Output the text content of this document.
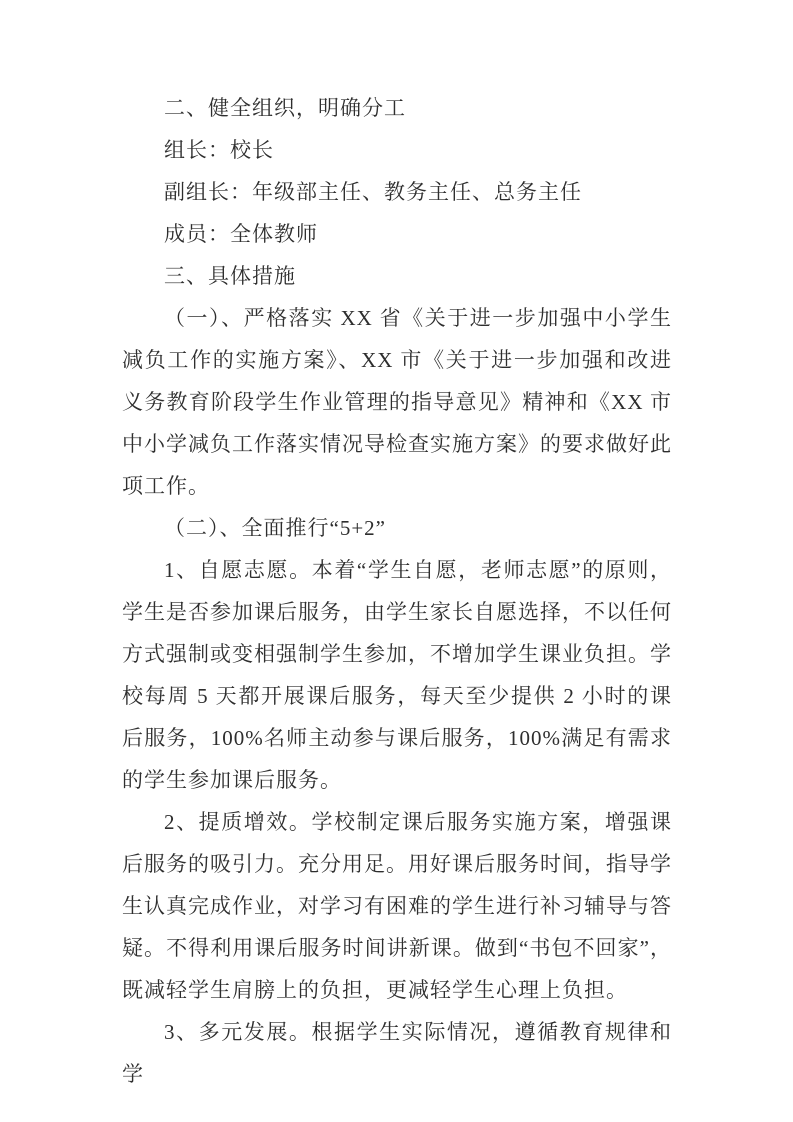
二、健全组织，明确分工

组长：校长

副组长：年级部主任、教务主任、总务主任

成员：全体教师

三、具体措施

（一）、严格落实 XX 省《关于进一步加强中小学生减负工作的实施方案》、XX 市《关于进一步加强和改进义务教育阶段学生作业管理的指导意见》精神和《XX 市中小学减负工作落实情况导检查实施方案》的要求做好此项工作。

（二）、全面推行“5+2”

1、自愿志愿。本着“学生自愿，老师志愿”的原则，学生是否参加课后服务，由学生家长自愿选择，不以任何方式强制或变相强制学生参加，不增加学生课业负担。学校每周 5 天都开展课后服务，每天至少提供 2 小时的课后服务，100%名师主动参与课后服务，100%满足有需求的学生参加课后服务。

2、提质增效。学校制定课后服务实施方案，增强课后服务的吸引力。充分用足。用好课后服务时间，指导学生认真完成作业，对学习有困难的学生进行补习辅导与答疑。不得利用课后服务时间讲新课。做到“书包不回家”，既减轻学生肩膀上的负担，更减轻学生心理上负担。

3、多元发展。根据学生实际情况，遵循教育规律和学
